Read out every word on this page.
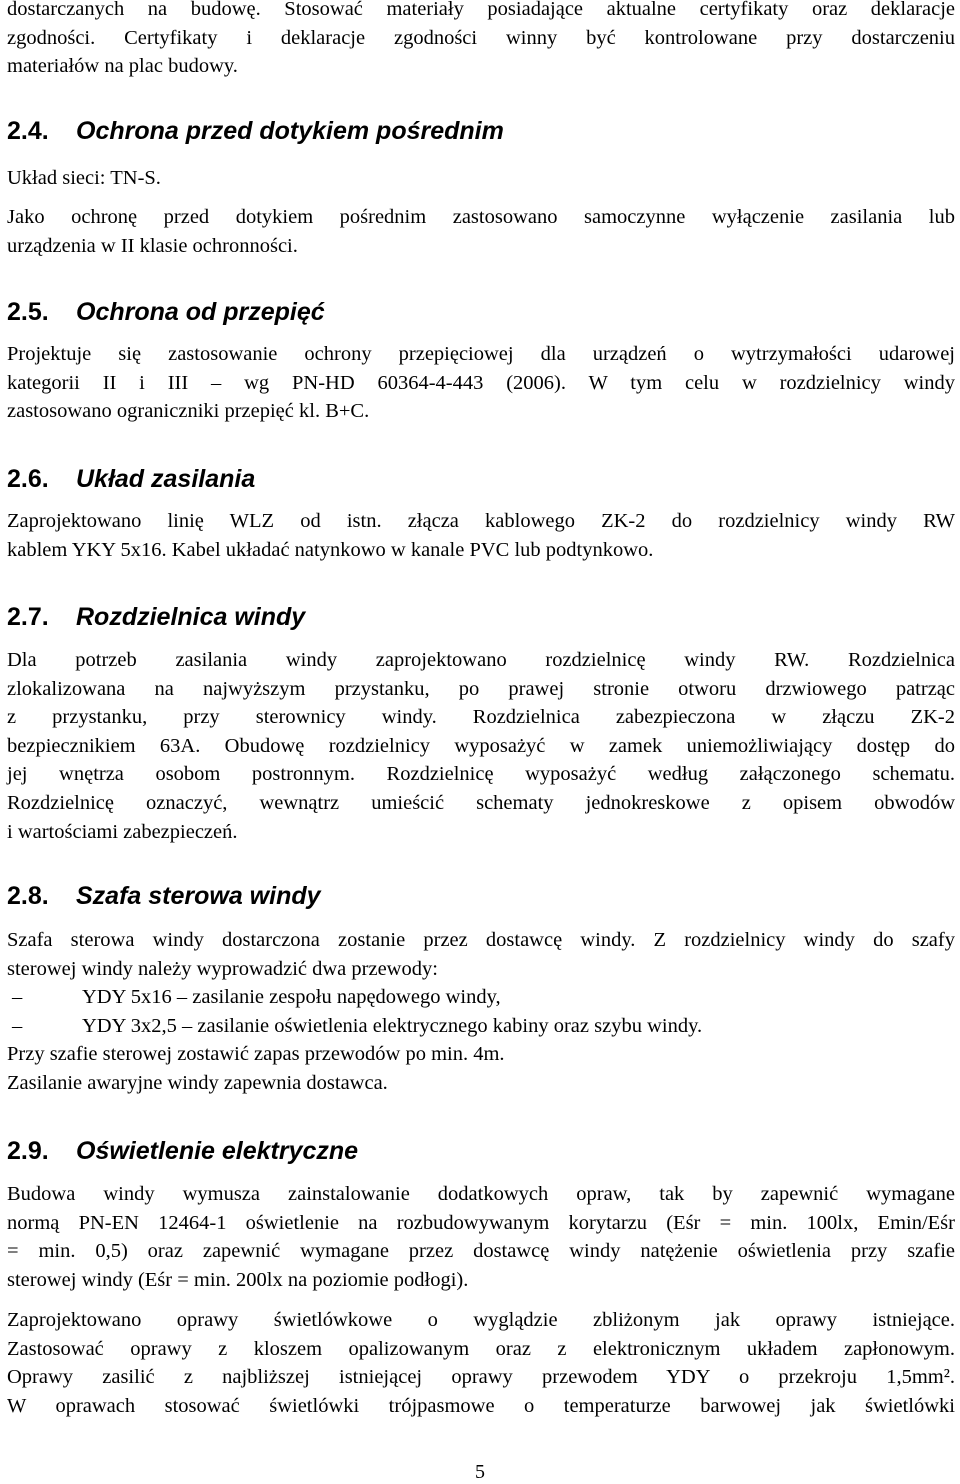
dostarczanych na budowę. Stosować materiały posiadające aktualne certyfikaty oraz deklaracje

zgodności. Certyfikaty i deklaracje zgodności winny być kontrolowane przy dostarczeniu

materiałów na plac budowy.

2.4. Ochrona przed dotykiem pośrednim

Układ sieci: TN-S.

Jako ochronę przed dotykiem pośrednim zastosowano samoczynne wyłączenie zasilania lub

urządzenia w II klasie ochronności.

2.5. Ochrona od przepięć

Projektuje się zastosowanie ochrony przepięciowej dla urządzeń o wytrzymałości udarowej

kategorii II i III – wg PN-HD 60364-4-443 (2006). W tym celu w rozdzielnicy windy

zastosowano ograniczniki przepięć kl. B+C.

2.6. Układ zasilania

Zaprojektowano linię WLZ od istn. złącza kablowego ZK-2 do rozdzielnicy windy RW

kablem YKY 5x16. Kabel układać natynkowo w kanale PVC lub podtynkowo.

2.7. Rozdzielnica windy

Dla potrzeb zasilania windy zaprojektowano rozdzielnicę windy RW. Rozdzielnica

zlokalizowana na najwyższym przystanku, po prawej stronie otworu drzwiowego patrząc

z przystanku, przy sterownicy windy. Rozdzielnica zabezpieczona w złączu ZK-2

bezpiecznikiem 63A. Obudowę rozdzielnicy wyposażyć w zamek uniemożliwiający dostęp do

jej wnętrza osobom postronnym. Rozdzielnicę wyposażyć według załączonego schematu.

Rozdzielnicę oznaczyć, wewnątrz umieścić schematy jednokreskowe z opisem obwodów

i wartościami zabezpieczeń.

2.8. Szafa sterowa windy

Szafa sterowa windy dostarczona zostanie przez dostawcę windy. Z rozdzielnicy windy do szafy

sterowej windy należy wyprowadzić dwa przewody:

–	YDY 5x16 – zasilanie zespołu napędowego windy,
–	YDY 3x2,5 – zasilanie oświetlenia elektrycznego kabiny oraz szybu windy.

Przy szafie sterowej zostawić zapas przewodów po min. 4m.

Zasilanie awaryjne windy zapewnia dostawca.

2.9. Oświetlenie elektryczne

Budowa windy wymusza zainstalowanie dodatkowych opraw, tak by zapewnić wymagane

normą PN-EN 12464-1 oświetlenie na rozbudowywanym korytarzu (Eśr = min. 100lx, Emin/Eśr

= min. 0,5) oraz zapewnić wymagane przez dostawcę windy natężenie oświetlenia przy szafie

sterowej windy (Eśr = min. 200lx na poziomie podłogi).

Zaprojektowano oprawy świetlówkowe o wyglądzie zbliżonym jak oprawy istniejące.

Zastosować oprawy z kloszem opalizowanym oraz z elektronicznym układem zapłonowym.

Oprawy zasilić z najbliższej istniejącej oprawy przewodem YDY o przekroju 1,5mm².

W oprawach stosować świetlówki trójpasmowe o temperaturze barwowej jak świetlówki

5
